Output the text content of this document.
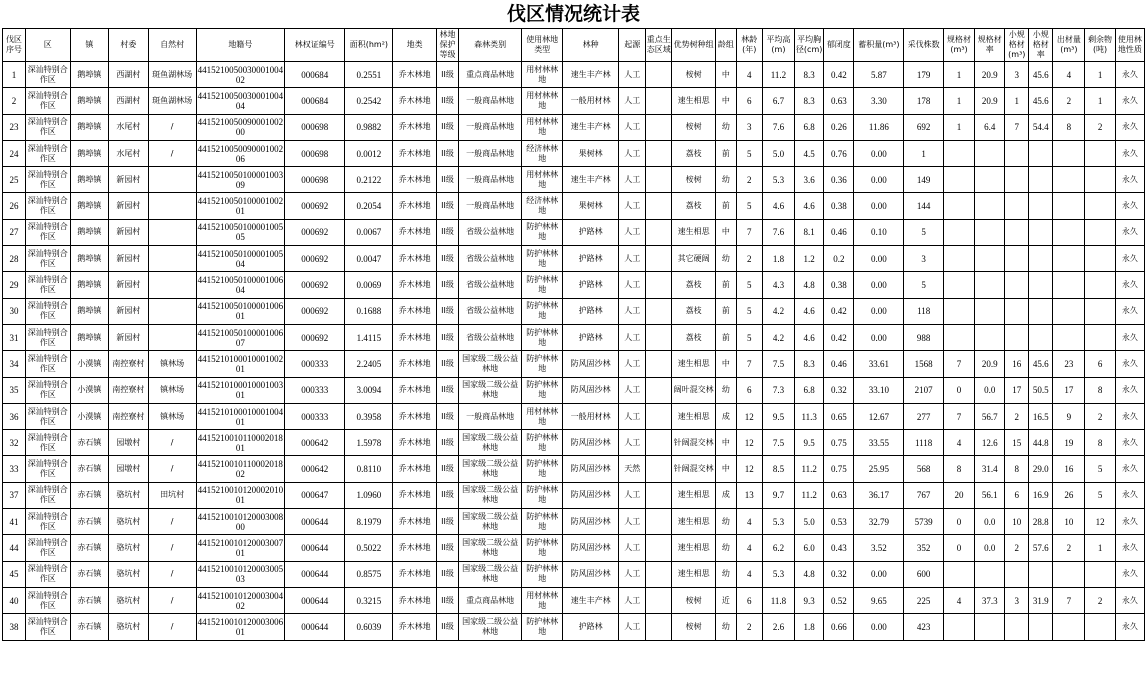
伐区情况统计表
伐区序号	区	镇	村委	自然村	地籍号	林权证编号	面积(hm²)	地类	林地保护等级	森林类别	使用林地类型	林种	起源	重点生态区域	优势树种组	龄组	林龄(年)	平均高(m)	平均胸径(cm)	郁闭度	蓄积量(m³)	采伐株数	规格材(m³)	规格材率	小规格材(m³)	小规格材率	出材量(m³)	剩余物(吨)	使用林地性质
1	深汕特别合作区	鹅埠镇	西湖村	斑鱼湖林场	441521005003000100402	000684	0.2551	乔木林地	II级	重点商品林地	用材林林地	速生丰产林	人工		桉树	中	4	11.2	8.3	0.42	5.87	179	1	20.9	3	45.6	4	1	永久
2	深汕特别合作区	鹅埠镇	西湖村	斑鱼湖林场	441521005003000100404	000684	0.2542	乔木林地	II级	一般商品林地	用材林林地	一般用材林	人工		速生相思	中	6	6.7	8.3	0.63	3.30	178	1	20.9	1	45.6	2	1	永久
23	深汕特别合作区	鹅埠镇	水尾村	/	441521005009000100200	000698	0.9882	乔木林地	II级	一般商品林地	用材林林地	速生丰产林	人工		桉树	幼	3	7.6	6.8	0.26	11.86	692	1	6.4	7	54.4	8	2	永久
24	深汕特别合作区	鹅埠镇	水尾村	/	441521005009000100206	000698	0.0012	乔木林地	II级	一般商品林地	经济林林地	果树林	人工		荔枝	前	5	5.0	4.5	0.76	0.00	1							永久
25	深汕特别合作区	鹅埠镇	新园村		441521005010000100309	000698	0.2122	乔木林地	II级	一般商品林地	用材林林地	速生丰产林	人工		桉树	幼	2	5.3	3.6	0.36	0.00	149							永久
26	深汕特别合作区	鹅埠镇	新园村		441521005010000100201	000692	0.2054	乔木林地	II级	一般商品林地	经济林林地	果树林	人工		荔枝	前	5	4.6	4.6	0.38	0.00	144							永久
27	深汕特别合作区	鹅埠镇	新园村		441521005010000100505	000692	0.0067	乔木林地	II级	省级公益林地	防护林林地	护路林	人工		速生相思	中	7	7.6	8.1	0.46	0.10	5							永久
28	深汕特别合作区	鹅埠镇	新园村		441521005010000100504	000692	0.0047	乔木林地	II级	省级公益林地	防护林林地	护路林	人工		其它硬阔	幼	2	1.8	1.2	0.2	0.00	3							永久
29	深汕特别合作区	鹅埠镇	新园村		441521005010000100604	000692	0.0069	乔木林地	II级	省级公益林地	防护林林地	护路林	人工		荔枝	前	5	4.3	4.8	0.38	0.00	5							永久
30	深汕特别合作区	鹅埠镇	新园村		441521005010000100601	000692	0.1688	乔木林地	II级	省级公益林地	防护林林地	护路林	人工		荔枝	前	5	4.2	4.6	0.42	0.00	118							永久
31	深汕特别合作区	鹅埠镇	新园村		441521005010000100607	000692	1.4115	乔木林地	II级	省级公益林地	防护林林地	护路林	人工		荔枝	前	5	4.2	4.6	0.42	0.00	988							永久
34	深汕特别合作区	小漠镇	南控寮村	镇林场	441521010001000100201	000333	2.2405	乔木林地	II级	国家级二级公益林地	防护林林地	防风固沙林	人工		速生相思	中	7	7.5	8.3	0.46	33.61	1568	7	20.9	16	45.6	23	6	永久
35	深汕特别合作区	小漠镇	南控寮村	镇林场	441521010001000100301	000333	3.0094	乔木林地	II级	国家级二级公益林地	防护林林地	防风固沙林	人工		阔叶混交林	幼	6	7.3	6.8	0.32	33.10	2107	0	0.0	17	50.5	17	8	永久
36	深汕特别合作区	小漠镇	南控寮村	镇林场	441521010001000100401	000333	0.3958	乔木林地	II级	一般商品林地	用材林林地	一般用材林	人工		速生相思	成	12	9.5	11.3	0.65	12.67	277	7	56.7	2	16.5	9	2	永久
32	深汕特别合作区	赤石镇	园墩村	/	441521001011000201801	000642	1.5978	乔木林地	II级	国家级二级公益林地	防护林林地	防风固沙林	人工		针阔混交林	中	12	7.5	9.5	0.75	33.55	1118	4	12.6	15	44.8	19	8	永久
33	深汕特别合作区	赤石镇	园墩村	/	441521001011000201802	000642	0.8110	乔木林地	II级	国家级二级公益林地	防护林林地	防风固沙林	天然		针阔混交林	中	12	8.5	11.2	0.75	25.95	568	8	31.4	8	29.0	16	5	永久
37	深汕特别合作区	赤石镇	骆坑村	田坑村	441521001012000201001	000647	1.0960	乔木林地	II级	国家级二级公益林地	防护林林地	防风固沙林	人工		速生相思	成	13	9.7	11.2	0.63	36.17	767	20	56.1	6	16.9	26	5	永久
41	深汕特别合作区	赤石镇	骆坑村	/	441521001012000300800	000644	8.1979	乔木林地	II级	国家级二级公益林地	防护林林地	防风固沙林	人工		速生相思	幼	4	5.3	5.0	0.53	32.79	5739	0	0.0	10	28.8	10	12	永久
44	深汕特别合作区	赤石镇	骆坑村	/	441521001012000300701	000644	0.5022	乔木林地	II级	国家级二级公益林地	防护林林地	防风固沙林	人工		速生相思	幼	4	6.2	6.0	0.43	3.52	352	0	0.0	2	57.6	2	1	永久
45	深汕特别合作区	赤石镇	骆坑村	/	441521001012000300503	000644	0.8575	乔木林地	II级	国家级二级公益林地	防护林林地	防风固沙林	人工		速生相思	幼	4	5.3	4.8	0.32	0.00	600							永久
40	深汕特别合作区	赤石镇	骆坑村	/	441521001012000300402	000644	0.3215	乔木林地	II级	重点商品林地	用材林林地	速生丰产林	人工		桉树	近	6	11.8	9.3	0.52	9.65	225	4	37.3	3	31.9	7	2	永久
38	深汕特别合作区	赤石镇	骆坑村	/	441521001012000300601	000644	0.6039	乔木林地	II级	国家级二级公益林地	防护林林地	护路林	人工		桉树	幼	2	2.6	1.8	0.66	0.00	423							永久
